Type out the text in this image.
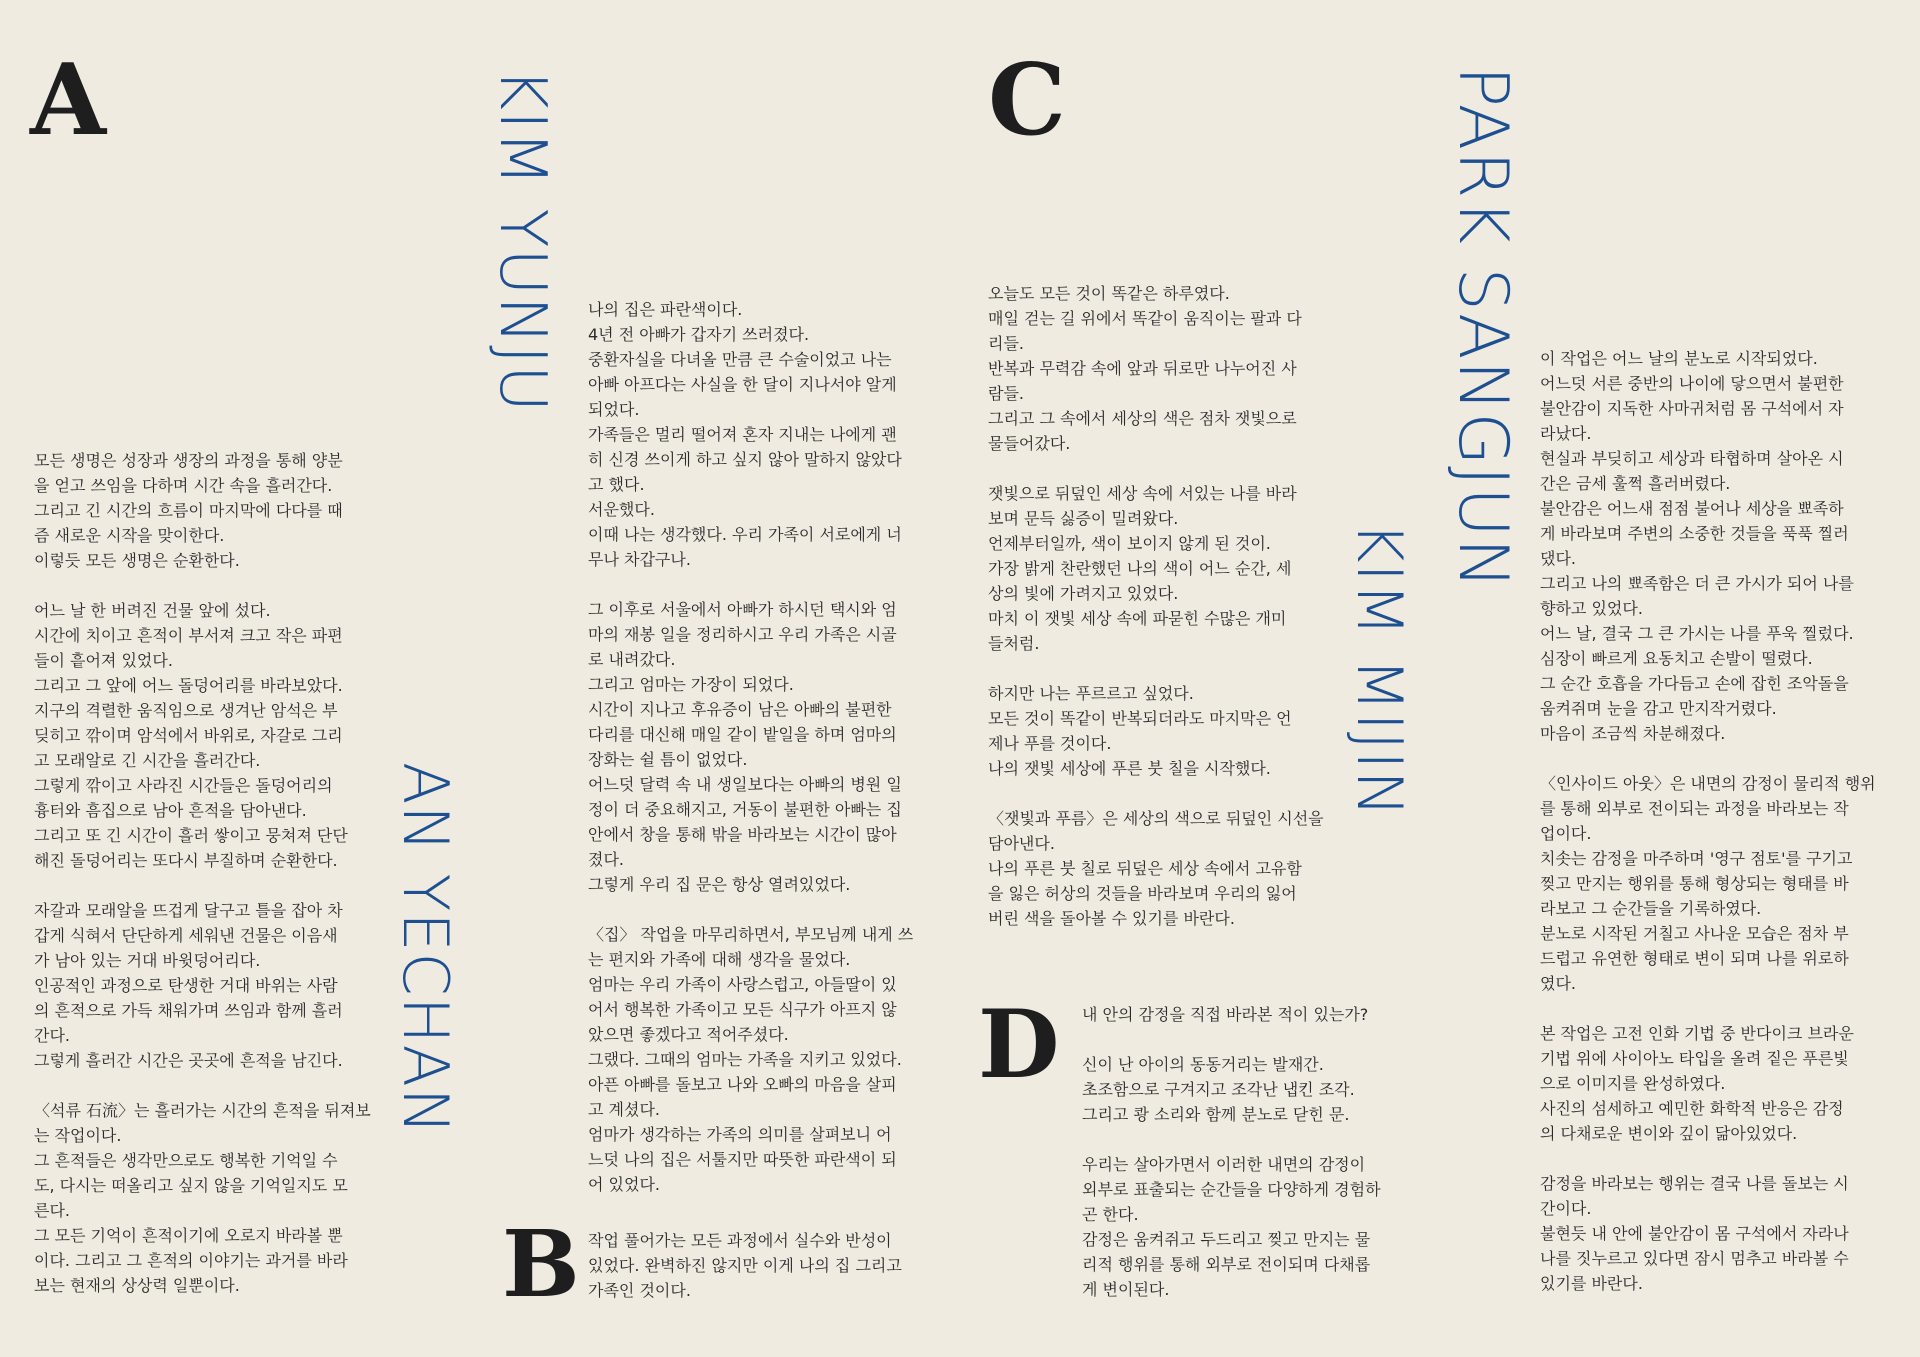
A
B
C
D
AN YECHAN
KIM YUNJU
KIM MIJIN
PARK SANGJUN

모든 생명은 성장과 생장의 과정을 통해 양분
을 얻고 쓰임을 다하며 시간 속을 흘러간다.
그리고 긴 시간의 흐름이 마지막에 다다를 때
즘 새로운 시작을 맞이한다.
이렇듯 모든 생명은 순환한다.

어느 날 한 버려진 건물 앞에 섰다.
시간에 치이고 흔적이 부서져 크고 작은 파편
들이 흩어져 있었다.
그리고 그 앞에 어느 돌덩어리를 바라보았다.
지구의 격렬한 움직임으로 생겨난 암석은 부
딪히고 깎이며 암석에서 바위로, 자갈로 그리
고 모래알로 긴 시간을 흘러간다.
그렇게 깎이고 사라진 시간들은 돌덩어리의
흉터와 흠집으로 남아 흔적을 담아낸다.
그리고 또 긴 시간이 흘러 쌓이고 뭉쳐져 단단
해진 돌덩어리는 또다시 부질하며 순환한다.

자갈과 모래알을 뜨겁게 달구고 틀을 잡아 차
갑게 식혀서 단단하게 세워낸 건물은 이음새
가 남아 있는 거대 바윗덩어리다.
인공적인 과정으로 탄생한 거대 바위는 사람
의 흔적으로 가득 채워가며 쓰임과 함께 흘러
간다.
그렇게 흘러간 시간은 곳곳에 흔적을 남긴다.

〈석류 石流〉는 흘러가는 시간의 흔적을 뒤져보
는 작업이다.
그 흔적들은 생각만으로도 행복한 기억일 수
도, 다시는 떠올리고 싶지 않을 기억일지도 모
른다.
그 모든 기억이 흔적이기에 오로지 바라볼 뿐
이다. 그리고 그 흔적의 이야기는 과거를 바라
보는 현재의 상상력 일뿐이다.

나의 집은 파란색이다.
4년 전 아빠가 갑자기 쓰러졌다.
중환자실을 다녀올 만큼 큰 수술이었고 나는
아빠 아프다는 사실을 한 달이 지나서야 알게
되었다.
가족들은 멀리 떨어져 혼자 지내는 나에게 괜
히 신경 쓰이게 하고 싶지 않아 말하지 않았다
고 했다.
서운했다.
이때 나는 생각했다. 우리 가족이 서로에게 너
무나 차갑구나.

그 이후로 서울에서 아빠가 하시던 택시와 엄
마의 재봉 일을 정리하시고 우리 가족은 시골
로 내려갔다.
그리고 엄마는 가장이 되었다.
시간이 지나고 후유증이 남은 아빠의 불편한
다리를 대신해 매일 같이 밭일을 하며 엄마의
장화는 쉴 틈이 없었다.
어느덧 달력 속 내 생일보다는 아빠의 병원 일
정이 더 중요해지고, 거동이 불편한 아빠는 집
안에서 창을 통해 밖을 바라보는 시간이 많아
졌다.
그렇게 우리 집 문은 항상 열려있었다.

〈집〉 작업을 마무리하면서, 부모님께 내게 쓰
는 편지와 가족에 대해 생각을 물었다.
엄마는 우리 가족이 사랑스럽고, 아들딸이 있
어서 행복한 가족이고 모든 식구가 아프지 않
았으면 좋겠다고 적어주셨다.
그랬다. 그때의 엄마는 가족을 지키고 있었다.
아픈 아빠를 돌보고 나와 오빠의 마음을 살피
고 계셨다.
엄마가 생각하는 가족의 의미를 살펴보니 어
느덧 나의 집은 서툴지만 따뜻한 파란색이 되
어 있었다.

작업 풀어가는 모든 과정에서 실수와 반성이
있었다. 완벽하진 않지만 이게 나의 집 그리고
가족인 것이다.

오늘도 모든 것이 똑같은 하루였다.
매일 걷는 길 위에서 똑같이 움직이는 팔과 다
리들.
반복과 무력감 속에 앞과 뒤로만 나누어진 사
람들.
그리고 그 속에서 세상의 색은 점차 잿빛으로
물들어갔다.

잿빛으로 뒤덮인 세상 속에 서있는 나를 바라
보며 문득 싫증이 밀려왔다.
언제부터일까, 색이 보이지 않게 된 것이.
가장 밝게 찬란했던 나의 색이 어느 순간, 세
상의 빛에 가려지고 있었다.
마치 이 잿빛 세상 속에 파묻힌 수많은 개미
들처럼.

하지만 나는 푸르르고 싶었다.
모든 것이 똑같이 반복되더라도 마지막은 언
제나 푸를 것이다.
나의 잿빛 세상에 푸른 붓 칠을 시작했다.

〈잿빛과 푸름〉은 세상의 색으로 뒤덮인 시선을
담아낸다.
나의 푸른 붓 칠로 뒤덮은 세상 속에서 고유함
을 잃은 허상의 것들을 바라보며 우리의 잃어
버린 색을 돌아볼 수 있기를 바란다.

내 안의 감정을 직접 바라본 적이 있는가?

신이 난 아이의 동동거리는 발재간.
초조함으로 구겨지고 조각난 냅킨 조각.
그리고 쾅 소리와 함께 분노로 닫힌 문.

우리는 살아가면서 이러한 내면의 감정이
외부로 표출되는 순간들을 다양하게 경험하
곤 한다.
감정은 움켜쥐고 두드리고 찢고 만지는 물
리적 행위를 통해 외부로 전이되며 다채롭
게 변이된다.

이 작업은 어느 날의 분노로 시작되었다.
어느덧 서른 중반의 나이에 닿으면서 불편한
불안감이 지독한 사마귀처럼 몸 구석에서 자
라났다.
현실과 부딪히고 세상과 타협하며 살아온 시
간은 금세 훌쩍 흘러버렸다.
불안감은 어느새 점점 불어나 세상을 뾰족하
게 바라보며 주변의 소중한 것들을 푹푹 찔러
댔다.
그리고 나의 뾰족함은 더 큰 가시가 되어 나를
향하고 있었다.
어느 날, 결국 그 큰 가시는 나를 푸욱 찔렀다.
심장이 빠르게 요동치고 손발이 떨렸다.
그 순간 호흡을 가다듬고 손에 잡힌 조악돌을
움켜쥐며 눈을 감고 만지작거렸다.
마음이 조금씩 차분해졌다.

〈인사이드 아웃〉은 내면의 감정이 물리적 행위
를 통해 외부로 전이되는 과정을 바라보는 작
업이다.
치솟는 감정을 마주하며 '영구 점토'를 구기고
찢고 만지는 행위를 통해 형상되는 형태를 바
라보고 그 순간들을 기록하였다.
분노로 시작된 거칠고 사나운 모습은 점차 부
드럽고 유연한 형태로 변이 되며 나를 위로하
였다.

본 작업은 고전 인화 기법 중 반다이크 브라운
기법 위에 사이아노 타입을 올려 짙은 푸른빛
으로 이미지를 완성하였다.
사진의 섬세하고 예민한 화학적 반응은 감정
의 다채로운 변이와 깊이 닮아있었다.

감정을 바라보는 행위는 결국 나를 돌보는 시
간이다.
불현듯 내 안에 불안감이 몸 구석에서 자라나
나를 짓누르고 있다면 잠시 멈추고 바라볼 수
있기를 바란다.
